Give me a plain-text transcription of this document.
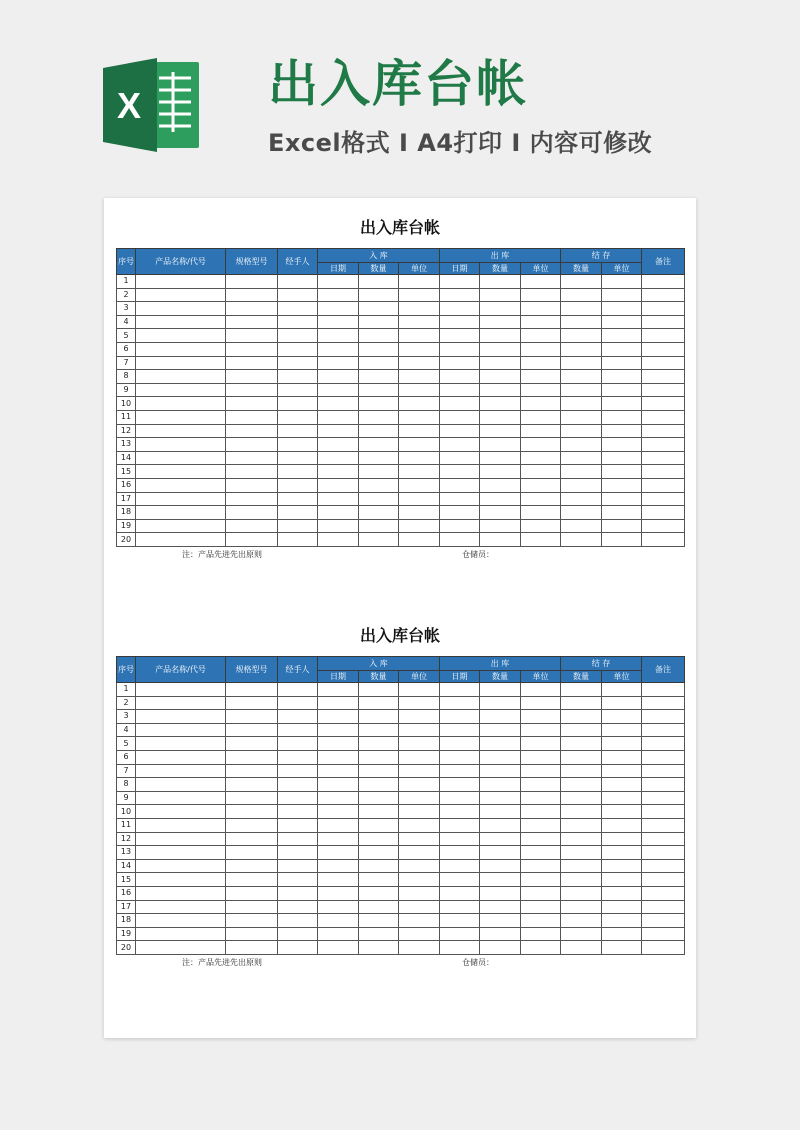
X	出入库台帐
Excel格式 I A4打印 I 内容可修改
出入库台帐
序号	产品名称/代号	规格型号	经手人	入 库			出 库			结 存		备注
				日期	数量	单位	日期	数量	单位	数量	单位	
1												
2												
3												
4												
5												
6												
7												
8												
9												
10												
11												
12												
13												
14												
15												
16												
17												
18												
19												
20												
注：产品先进先出原则	仓储员：
出入库台帐
序号	产品名称/代号	规格型号	经手人	入 库			出 库			结 存		备注
				日期	数量	单位	日期	数量	单位	数量	单位	
1												
2												
3												
4												
5												
6												
7												
8												
9												
10												
11												
12												
13												
14												
15												
16												
17												
18												
19												
20												
注：产品先进先出原则	仓储员：
